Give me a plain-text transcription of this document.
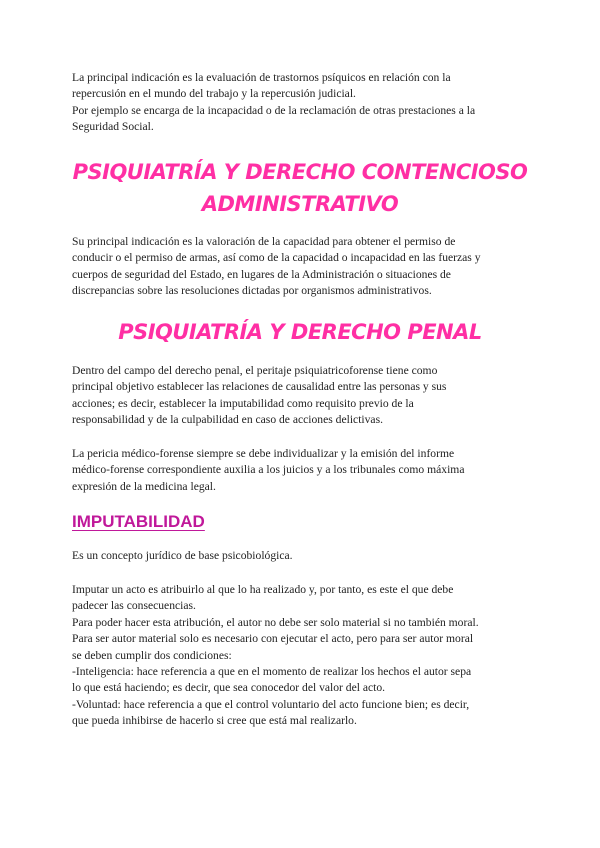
La principal indicación es la evaluación de trastornos psíquicos en relación con la
repercusión en el mundo del trabajo y la repercusión judicial.
Por ejemplo se encarga de la incapacidad o de la reclamación de otras prestaciones a la
Seguridad Social.

PSIQUIATRÍA Y DERECHO CONTENCIOSO ADMINISTRATIVO

Su principal indicación es la valoración de la capacidad para obtener el permiso de
conducir o el permiso de armas, así como de la capacidad o incapacidad en las fuerzas y
cuerpos de seguridad del Estado, en lugares de la Administración o situaciones de
discrepancias sobre las resoluciones dictadas por organismos administrativos.

PSIQUIATRÍA Y DERECHO PENAL

Dentro del campo del derecho penal, el peritaje psiquiatricoforense tiene como
principal objetivo establecer las relaciones de causalidad entre las personas y sus
acciones; es decir, establecer la imputabilidad como requisito previo de la
responsabilidad y de la culpabilidad en caso de acciones delictivas.

La pericia médico-forense siempre se debe individualizar y la emisión del informe
médico-forense correspondiente auxilia a los juicios y a los tribunales como máxima
expresión de la medicina legal.

IMPUTABILIDAD

Es un concepto jurídico de base psicobiológica.

Imputar un acto es atribuirlo al que lo ha realizado y, por tanto, es este el que debe
padecer las consecuencias.
Para poder hacer esta atribución, el autor no debe ser solo material si no también moral.
Para ser autor material solo es necesario con ejecutar el acto, pero para ser autor moral
se deben cumplir dos condiciones:
-Inteligencia: hace referencia a que en el momento de realizar los hechos el autor sepa
lo que está haciendo; es decir, que sea conocedor del valor del acto.
-Voluntad: hace referencia a que el control voluntario del acto funcione bien; es decir,
que pueda inhibirse de hacerlo si cree que está mal realizarlo.
